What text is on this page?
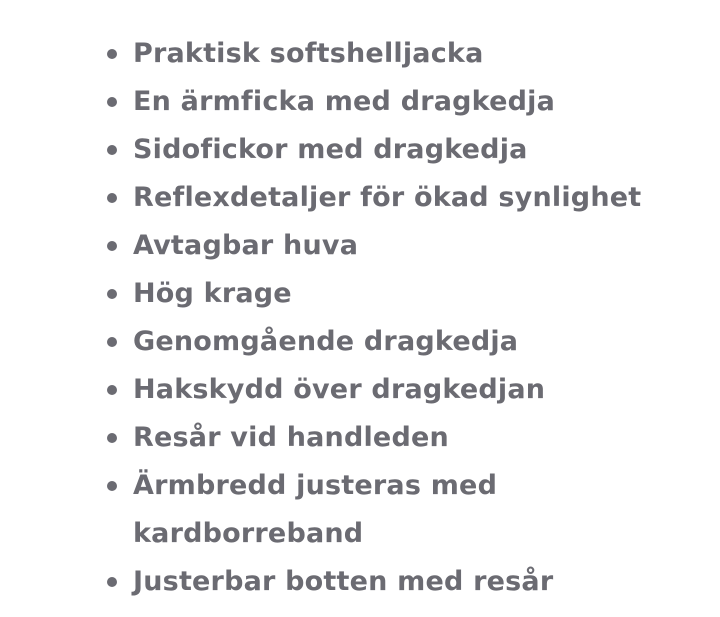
Praktisk softshelljacka
En ärmficka med dragkedja
Sidofickor med dragkedja
Reflexdetaljer för ökad synlighet
Avtagbar huva
Hög krage
Genomgående dragkedja
Hakskydd över dragkedjan
Resår vid handleden
Ärmbredd justeras med kardborreband
Justerbar botten med resår
